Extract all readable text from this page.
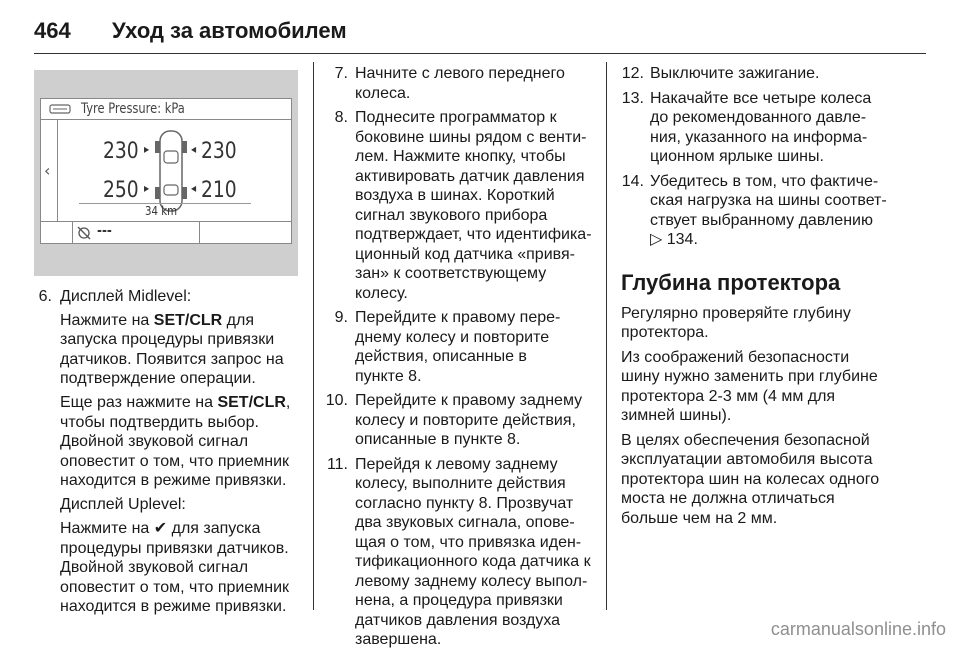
464 Уход за автомобилем
Tyre Pressure: kPa
‹
230 ▸	◂ 230
250 ▸	◂ 210
34 km
---
6. Дисплей Midlevel:
Нажмите на SET/CLR для
запуска процедуры привязки
датчиков. Появится запрос на
подтверждение операции.
Еще раз нажмите на SET/CLR,
чтобы подтвердить выбор.
Двойной звуковой сигнал
оповестит о том, что приемник
находится в режиме привязки.
Дисплей Uplevel:
Нажмите на ✔ для запуска
процедуры привязки датчиков.
Двойной звуковой сигнал
оповестит о том, что приемник
находится в режиме привязки.
7. Начните с левого переднего
колеса.
8. Поднесите программатор к
боковине шины рядом с венти-
лем. Нажмите кнопку, чтобы
активировать датчик давления
воздуха в шинах. Короткий
сигнал звукового прибора
подтверждает, что идентифика-
ционный код датчика «привя-
зан» к соответствующему
колесу.
9. Перейдите к правому пере-
днему колесу и повторите
действия, описанные в
пункте 8.
10. Перейдите к правому заднему
колесу и повторите действия,
описанные в пункте 8.
11. Перейдя к левому заднему
колесу, выполните действия
согласно пункту 8. Прозвучат
два звуковых сигнала, опове-
щая о том, что привязка иден-
тификационного кода датчика к
левому заднему колесу выпол-
нена, а процедура привязки
датчиков давления воздуха
завершена.
12. Выключите зажигание.
13. Накачайте все четыре колеса
до рекомендованного давле-
ния, указанного на информа-
ционном ярлыке шины.
14. Убедитесь в том, что фактиче-
ская нагрузка на шины соответ-
ствует выбранному давлению
▷ 134.
Глубина протектора
Регулярно проверяйте глубину
протектора.
Из соображений безопасности
шину нужно заменить при глубине
протектора 2-3 мм (4 мм для
зимней шины).
В целях обеспечения безопасной
эксплуатации автомобиля высота
протектора шин на колесах одного
моста не должна отличаться
больше чем на 2 мм.
carmanualsonline.info
